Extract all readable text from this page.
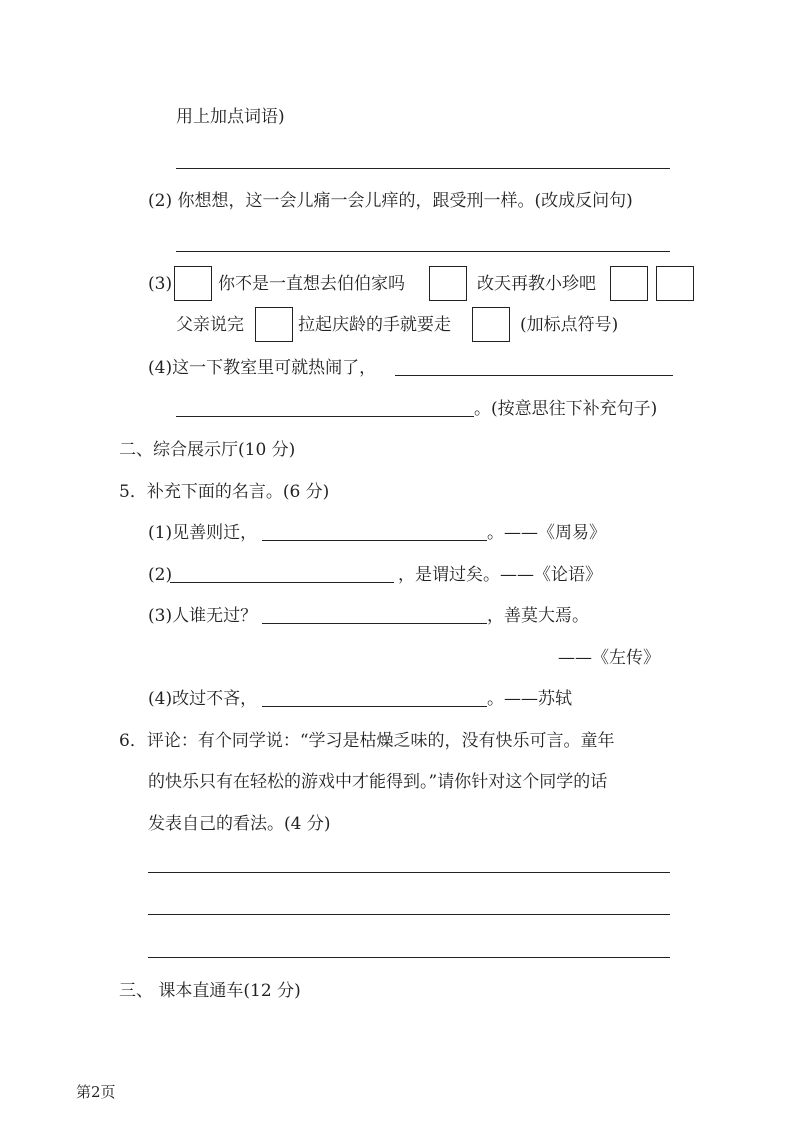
用上加点词语)
(2) 你想想，这一会儿痛一会儿痒的，跟受刑一样。(改成反问句)
(3)	你不是一直想去伯伯家吗	改天再教小珍吧
父亲说完	拉起庆龄的手就要走	(加标点符号)
(4)这一下教室里可就热闹了，
。(按意思往下补充句子)
二、综合展示厅(10 分)
5．补充下面的名言。(6 分)
(1)见善则迁，	。——《周易》
(2)	，是谓过矣。——《论语》
(3)人谁无过？	，善莫大焉。
——《左传》
(4)改过不吝，	。——苏轼
6．评论：有个同学说：“学习是枯燥乏味的，没有快乐可言。童年
的快乐只有在轻松的游戏中才能得到。”请你针对这个同学的话
发表自己的看法。(4 分)
三、 课本直通车(12 分)
第2页
